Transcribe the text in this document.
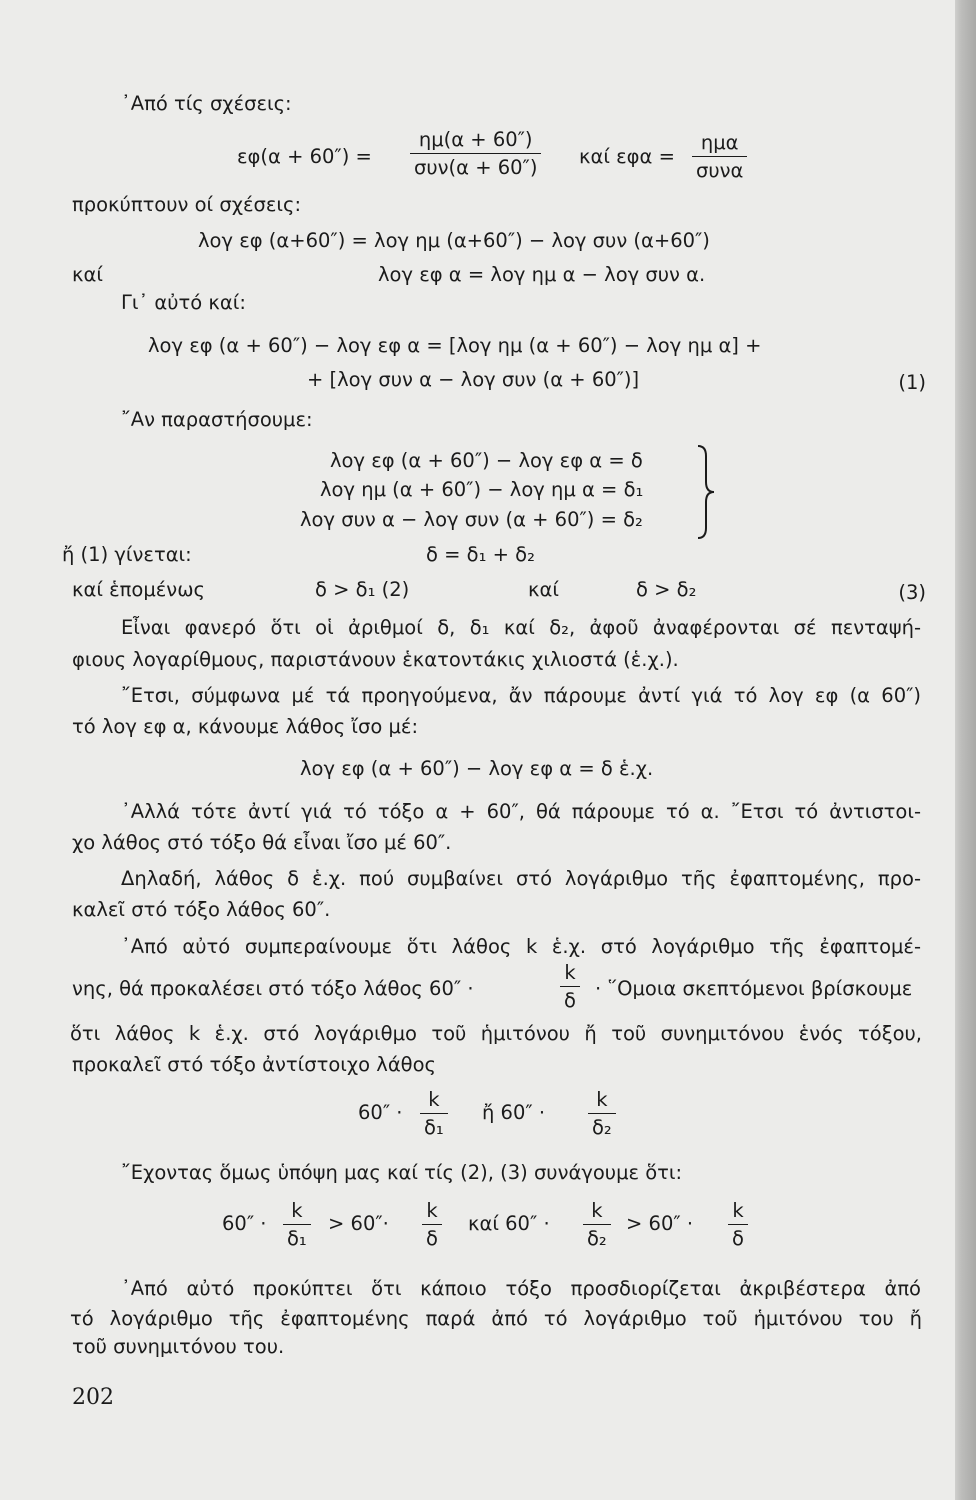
᾽Από τίς σχέσεις:
εφ(α + 60″) =
ημ(α + 60″)
συν(α + 60″) καί εφα =
ημα
συνα
προκύπτουν οί σχέσεις:
λογ εφ (α+60″) = λογ ημ (α+60″) − λογ συν (α+60″)
καί	λογ εφ α = λογ ημ α − λογ συν α.
Γι᾽ αὐτό καί:
λογ εφ (α + 60″) − λογ εφ α = [λογ ημ (α + 60″) − λογ ημ α] +
+ [λογ συν α − λογ συν (α + 60″)]	(1)
῎Αν παραστήσουμε:
λογ εφ (α + 60″) − λογ εφ α = δ
λογ ημ (α + 60″) − λογ ημ α = δ₁
λογ συν α − λογ συν (α + 60″) = δ₂
ἤ (1) γίνεται:	δ = δ₁ + δ₂
καί ἑπομένως	δ > δ₁ (2)	καί	δ > δ₂	(3)
Εἶναι φανερό ὅτι οἱ ἀριθμοί δ, δ₁ καί δ₂, ἀφοῦ ἀναφέρονται σέ πενταψή-
φιους λογαρίθμους, παριστάνουν ἑκατοντάκις χιλιοστά (ἑ.χ.).
῎Ετσι, σύμφωνα μέ τά προηγούμενα, ἄν πάρουμε ἀντί γιά τό λογ εφ (α 60″)
τό λογ εφ α, κάνουμε λάθος ἴσο μέ:
λογ εφ (α + 60″) − λογ εφ α = δ ἑ.χ.
᾽Αλλά τότε ἀντί γιά τό τόξο α + 60″, θά πάρουμε τό α. ῎Ετσι τό ἀντιστοι-
χο λάθος στό τόξο θά εἶναι ἴσο μέ 60″.
Δηλαδή, λάθος δ ἑ.χ. πού συμβαίνει στό λογάριθμο τῆς ἐφαπτομένης, προ-
καλεῖ στό τόξο λάθος 60″.
᾽Από αὐτό συμπεραίνουμε ὅτι λάθος k ἑ.χ. στό λογάριθμο τῆς ἐφαπτομέ-
νης, θά προκαλέσει στό τόξο λάθος 60″ ·	$\frac{k}{\delta}$ · ῞Ομοια σκεπτόμενοι βρίσκουμε
ὅτι λάθος k ἑ.χ. στό λογάριθμο τοῦ ἡμιτόνου ἤ τοῦ συνημιτόνου ἑνός τόξου,
προκαλεῖ στό τόξο ἀντίστοιχο λάθος
$60'' \cdot \frac{k}{\text{δ₁}}$ ἤ $60'' \cdot \frac{k}{\text{δ₂}}$
῎Εχοντας ὅμως ὑπόψη μας καί τίς (2), (3) συνάγουμε ὅτι:
$60'' \cdot \frac{k}{\text{δ₁}} > 60''\cdot \frac{k}{\delta}$ καί $60'' \cdot \frac{k}{\text{δ₂}} > 60'' \cdot \frac{k}{\delta}$
᾽Από αὐτό προκύπτει ὅτι κάποιο τόξο προσδιορίζεται ἀκριβέστερα ἀπό
τό λογάριθμο τῆς ἐφαπτομένης παρά ἀπό τό λογάριθμο τοῦ ἡμιτόνου του ἤ
τοῦ συνημιτόνου του.
202
